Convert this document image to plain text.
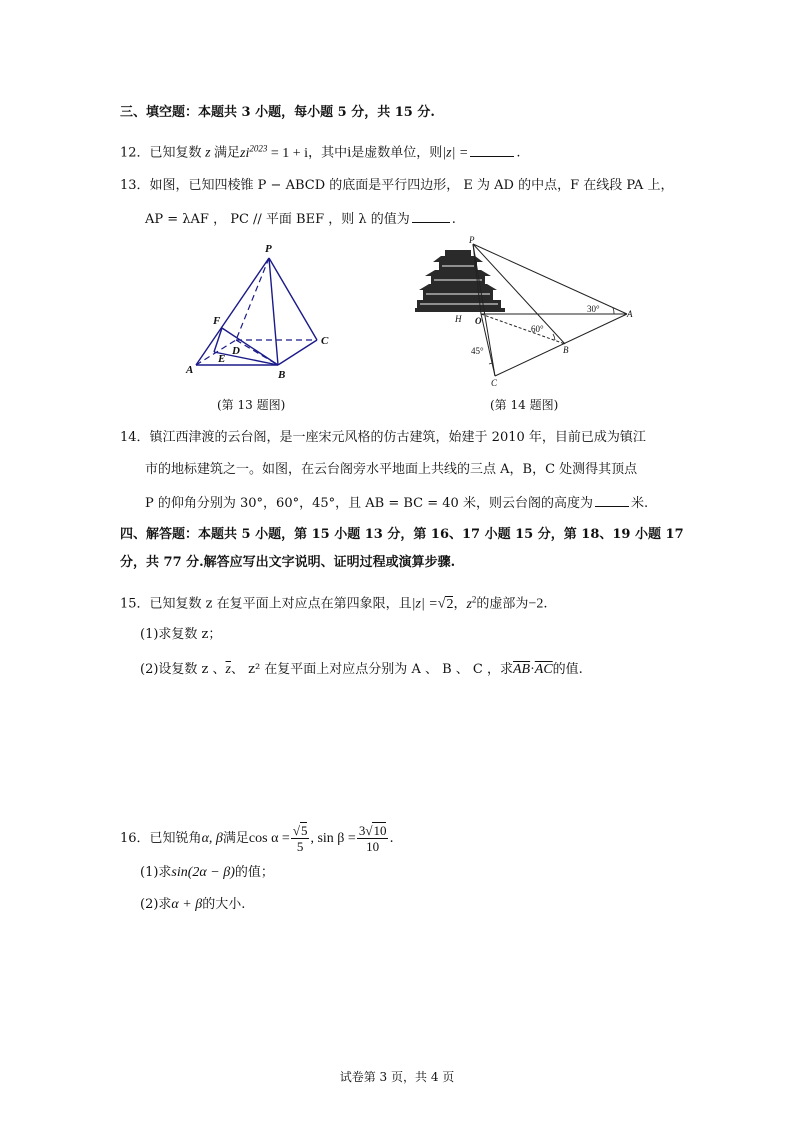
三、填空题：本题共 3 小题，每小题 5 分，共 15 分.
12．已知复数 z 满足$zi^{2023} = 1 + i$，其中i是虚数单位，则|z| =	.
13．如图，已知四棱锥 P − ABCD 的底面是平行四边形， E 为 AD 的中点，F 在线段 PA 上，
AP = λAF ， PC // 平面 BEF ，则 λ 的值为	.
P
F
D
E
A	B
C
(第 13 题图)
P
O
H	A
B
C
30°
60°
45°
(第 14 题图)
14．镇江西津渡的云台阁，是一座宋元风格的仿古建筑，始建于 2010 年，目前已成为镇江
市的地标建筑之一。如图，在云台阁旁水平地面上共线的三点 A，B，C 处测得其顶点
P 的仰角分别为 30°，60°，45°，且 AB = BC = 40 米，则云台阁的高度为	米.
四、解答题：本题共 5 小题，第 15 小题 13 分，第 16、17 小题 15 分，第 18、19 小题 17
分，共 77 分.解答应写出文字说明、证明过程或演算步骤.
15．已知复数 z 在复平面上对应点在第四象限，且|z| =√2，$z^2$的虚部为−2.
(1)求复数 z；
(2)设复数 z 、$\overline{z}$、 z² 在复平面上对应点分别为 A 、 B 、 C ，求$\overline{AB}\cdot\overline{AC}$的值.
16．已知锐角α, β满足$\cos \alpha = \frac{√5}{5}$ , $\sin \beta = \frac{3√10}{10}$ .
(1)求sin(2α − β)的值；
(2)求α + β的大小.
试卷第 3 页，共 4 页
